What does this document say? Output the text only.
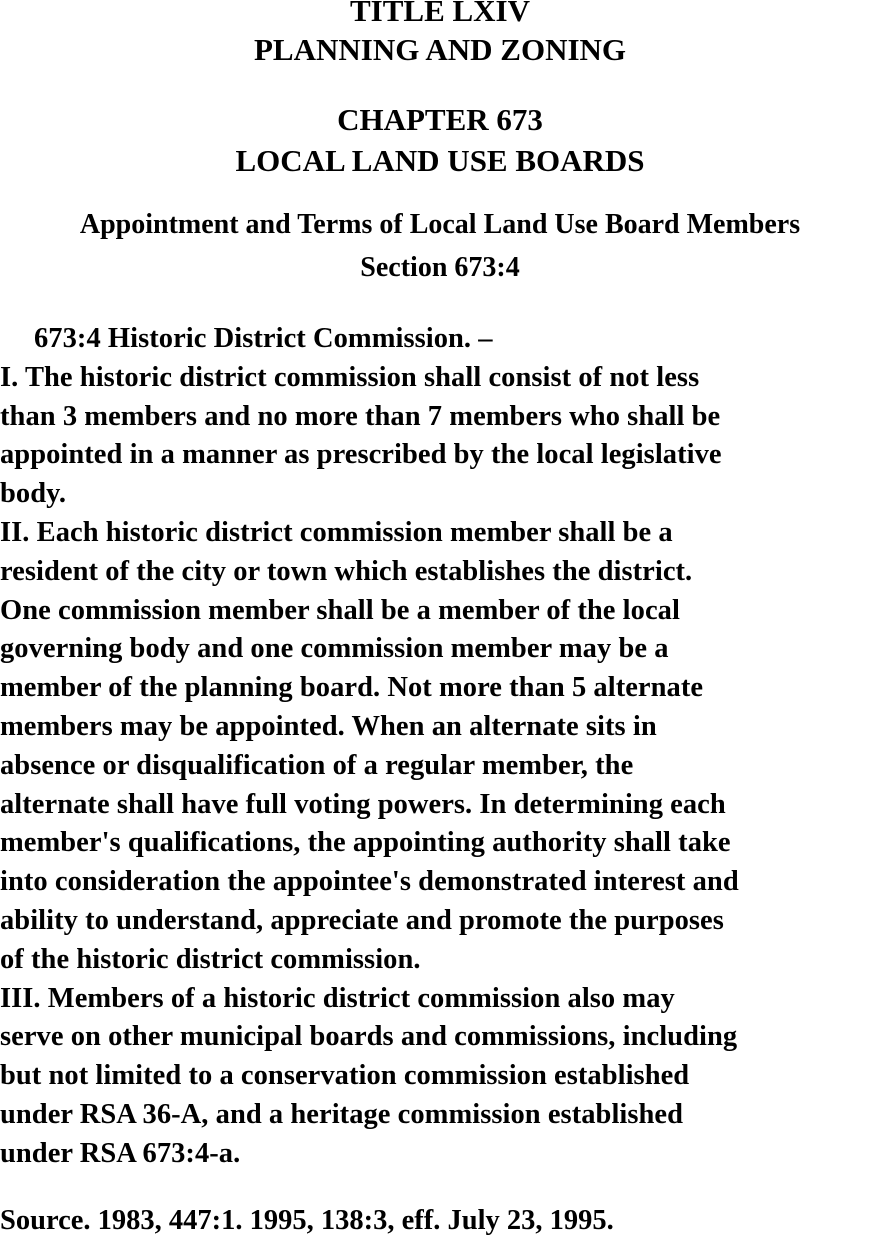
TITLE LXIV
PLANNING AND ZONING
CHAPTER 673
LOCAL LAND USE BOARDS
Appointment and Terms of Local Land Use Board Members
Section 673:4
673:4 Historic District Commission. –
I. The historic district commission shall consist of not less
than 3 members and no more than 7 members who shall be
appointed in a manner as prescribed by the local legislative
body.
II. Each historic district commission member shall be a
resident of the city or town which establishes the district.
One commission member shall be a member of the local
governing body and one commission member may be a
member of the planning board. Not more than 5 alternate
members may be appointed. When an alternate sits in
absence or disqualification of a regular member, the
alternate shall have full voting powers. In determining each
member's qualifications, the appointing authority shall take
into consideration the appointee's demonstrated interest and
ability to understand, appreciate and promote the purposes
of the historic district commission.
III. Members of a historic district commission also may
serve on other municipal boards and commissions, including
but not limited to a conservation commission established
under RSA 36-A, and a heritage commission established
under RSA 673:4-a.
Source. 1983, 447:1. 1995, 138:3, eff. July 23, 1995.
